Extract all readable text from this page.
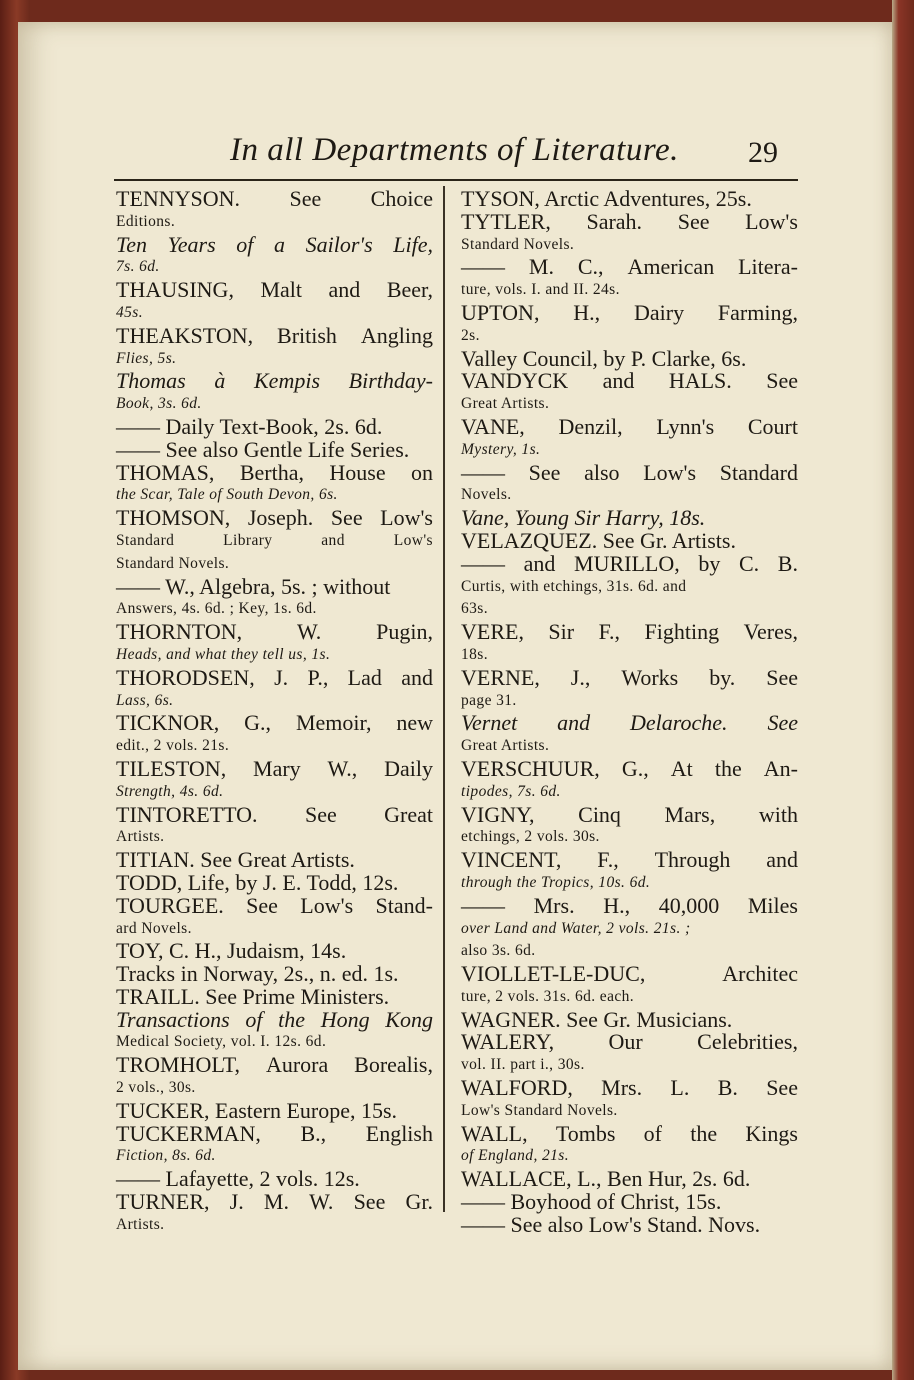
In all Departments of Literature. 29
TENNYSON. See Choice
Editions.
Ten Years of a Sailor's Life,
7s. 6d.
THAUSING, Malt and Beer,
45s.
THEAKSTON, British Angling
Flies, 5s.
Thomas à Kempis Birthday-
Book, 3s. 6d.
—— Daily Text-Book, 2s. 6d.
—— See also Gentle Life Series.
THOMAS, Bertha, House on
the Scar, Tale of South Devon, 6s.
THOMSON, Joseph. See Low's
Standard	Library	and	Low's
Standard Novels.
—— W., Algebra, 5s. ; without
Answers, 4s. 6d. ; Key, 1s. 6d.
THORNTON, W. Pugin,
Heads, and what they tell us, 1s.
THORODSEN, J. P., Lad and
Lass, 6s.
TICKNOR, G., Memoir, new
edit., 2 vols. 21s.
TILESTON, Mary W., Daily
Strength, 4s. 6d.
TINTORETTO. See Great
Artists.
TITIAN. See Great Artists.
TODD, Life, by J. E. Todd, 12s.
TOURGEE. See Low's Stand-
ard Novels.
TOY, C. H., Judaism, 14s.
Tracks in Norway, 2s., n. ed. 1s.
TRAILL. See Prime Ministers.
Transactions of the Hong Kong
Medical Society, vol. I. 12s. 6d.
TROMHOLT, Aurora Borealis,
2 vols., 30s.
TUCKER, Eastern Europe, 15s.
TUCKERMAN, B., English
Fiction, 8s. 6d.
—— Lafayette, 2 vols. 12s.
TURNER, J. M. W. See Gr.
Artists.
TYSON, Arctic Adventures, 25s.
TYTLER, Sarah. See Low's
Standard Novels.
—— M. C., American Litera-
ture, vols. I. and II. 24s.
UPTON, H., Dairy Farming,
2s.
Valley Council, by P. Clarke, 6s.
VANDYCK and HALS. See
Great Artists.
VANE, Denzil, Lynn's Court
Mystery, 1s.
—— See also Low's Standard
Novels.
Vane, Young Sir Harry, 18s.
VELAZQUEZ. See Gr. Artists.
—— and MURILLO, by C. B.
Curtis, with etchings, 31s. 6d. and
63s.
VERE, Sir F., Fighting Veres,
18s.
VERNE, J., Works by. See
page 31.
Vernet and Delaroche. See
Great Artists.
VERSCHUUR, G., At the An-
tipodes, 7s. 6d.
VIGNY, Cinq Mars, with
etchings, 2 vols. 30s.
VINCENT, F., Through and
through the Tropics, 10s. 6d.
—— Mrs. H., 40,000 Miles
over Land and Water, 2 vols. 21s. ;
also 3s. 6d.
VIOLLET-LE-DUC,	Architec
ture, 2 vols. 31s. 6d. each.
WAGNER. See Gr. Musicians.
WALERY, Our Celebrities,
vol. II. part i., 30s.
WALFORD, Mrs. L. B. See
Low's Standard Novels.
WALL, Tombs of the Kings
of England, 21s.
WALLACE, L., Ben Hur, 2s. 6d.
—— Boyhood of Christ, 15s.
—— See also Low's Stand. Novs.
